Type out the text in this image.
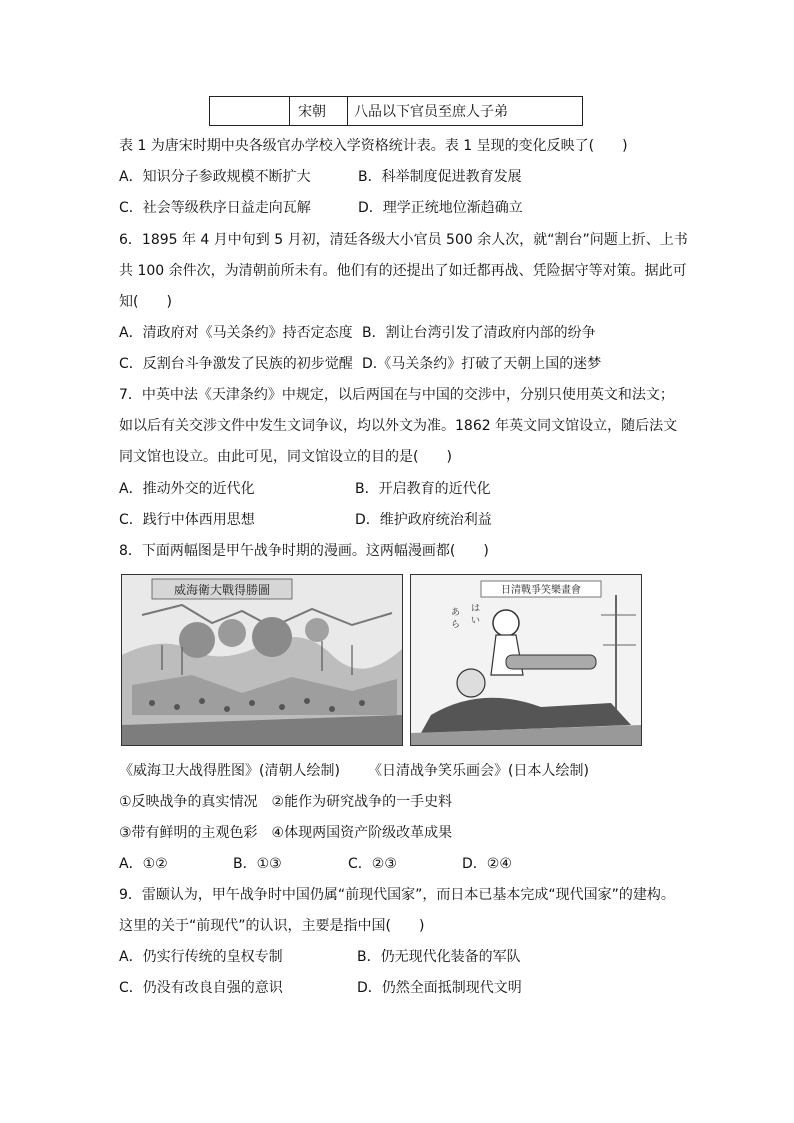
宋朝	八品以下官员至庶人子弟
表 1 为唐宋时期中央各级官办学校入学资格统计表。表 1 呈现的变化反映了(　　)
A．知识分子参政规模不断扩大	B．科举制度促进教育发展
C．社会等级秩序日益走向瓦解	D．理学正统地位渐趋确立
6．1895 年 4 月中旬到 5 月初，清廷各级大小官员 500 余人次，就“割台”问题上折、上书
共 100 余件次，为清朝前所未有。他们有的还提出了如迁都再战、凭险据守等对策。据此可
知(　　)
A．清政府对《马关条约》持否定态度 B．割让台湾引发了清政府内部的纷争
C．反割台斗争激发了民族的初步觉醒 D.《马关条约》打破了天朝上国的迷梦
7．中英中法《天津条约》中规定，以后两国在与中国的交涉中，分别只使用英文和法文；
如以后有关交涉文件中发生文词争议，均以外文为准。1862 年英文同文馆设立，随后法文
同文馆也设立。由此可见，同文馆设立的目的是(　　)
A．推动外交的近代化	B．开启教育的近代化
C．践行中体西用思想	D．维护政府统治利益
8．下面两幅图是甲午战争时期的漫画。这两幅漫画都(　　)
威海衛大戰得勝圖	日清戰爭笑樂畫會
あ
ら
は
い
《威海卫大战得胜图》(清朝人绘制) 《日清战争笑乐画会》(日本人绘制)
①反映战争的真实情况　②能作为研究战争的一手史料
③带有鲜明的主观色彩　④体现两国资产阶级改革成果
A．①②	B．①③	C．②③	D．②④
9．雷颐认为，甲午战争时中国仍属“前现代国家”，而日本已基本完成“现代国家”的建构。
这里的关于“前现代”的认识，主要是指中国(　　)
A．仍实行传统的皇权专制	B．仍无现代化装备的军队
C．仍没有改良自强的意识	D．仍然全面抵制现代文明
